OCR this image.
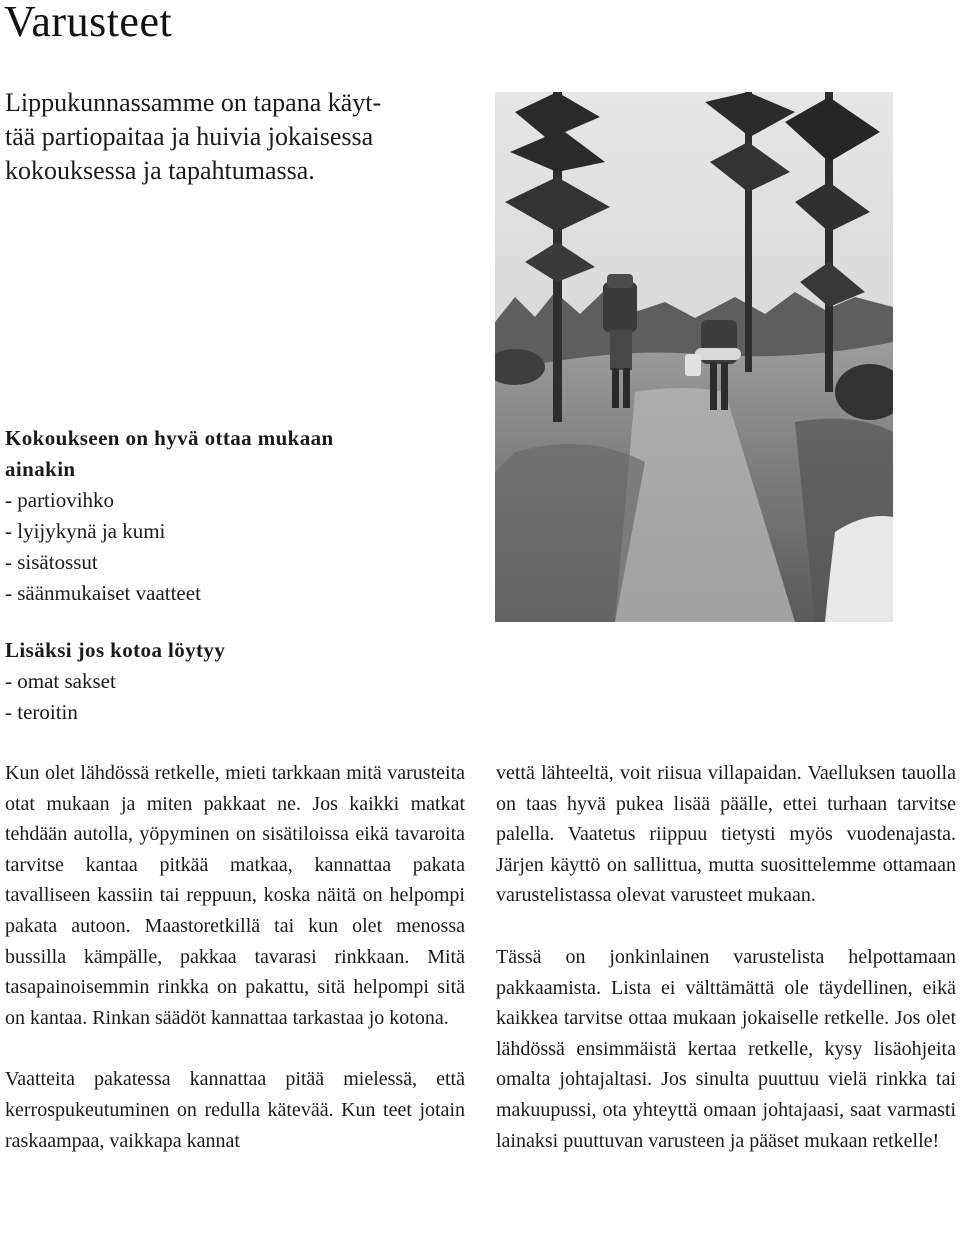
Varusteet
Lippukunnassamme on tapana käyt-
tää partiopaitaa ja huivia jokaisessa
kokouksessa ja tapahtumassa.
Kokoukseen on hyvä ottaa mukaan
ainakin
- partiovihko
- lyijykynä ja kumi
- sisätossut
- säänmukaiset vaatteet
Lisäksi jos kotoa löytyy
- omat sakset
- teroitin

Kun olet lähdössä retkelle, mieti tarkkaan mitä varusteita otat mukaan ja miten pakkaat ne. Jos kaikki matkat tehdään autolla, yöpyminen on sisätiloissa eikä tavaroita tarvitse kantaa pitkää matkaa, kannattaa pakata tavalliseen kassiin tai reppuun, koska näitä on helpompi pakata autoon. Maastoretkillä tai kun olet menossa bussilla kämpälle, pakkaa tavarasi rinkkaan. Mitä tasapainoisemmin rinkka on pakattu, sitä helpompi sitä on kantaa. Rinkan säädöt kannattaa tarkastaa jo kotona.

Vaatteita pakatessa kannattaa pitää mielessä, että kerrospukeutuminen on redulla kätevää. Kun teet jotain raskaampaa, vaikkapa kannat

vettä lähteeltä, voit riisua villapaidan. Vaelluksen tauolla on taas hyvä pukea lisää päälle, ettei turhaan tarvitse palella. Vaatetus riippuu tietysti myös vuodenajasta. Järjen käyttö on sallittua, mutta suosittelemme ottamaan varustelistassa olevat varusteet mukaan.

Tässä on jonkinlainen varustelista helpottamaan pakkaamista. Lista ei välttämättä ole täydellinen, eikä kaikkea tarvitse ottaa mukaan jokaiselle retkelle. Jos olet lähdössä ensimmäistä kertaa retkelle, kysy lisäohjeita omalta johtajaltasi. Jos sinulta puuttuu vielä rinkka tai makuupussi, ota yhteyttä omaan johtajaasi, saat varmasti lainaksi puuttuvan varusteen ja pääset mukaan retkelle!
